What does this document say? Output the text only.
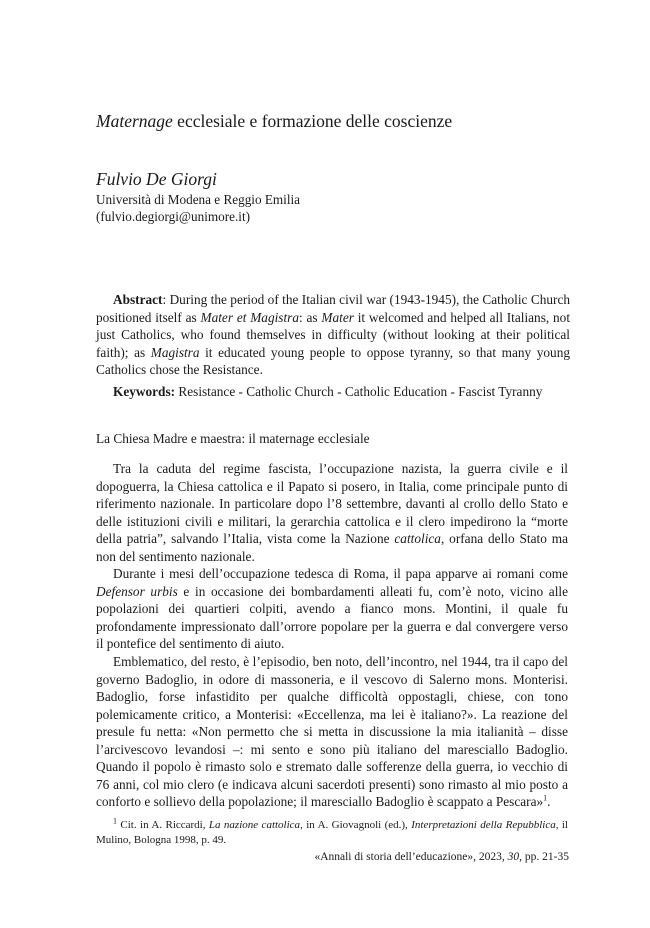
Maternage ecclesiale e formazione delle coscienze

Fulvio De Giorgi

Università di Modena e Reggio Emilia

(fulvio.degiorgi@unimore.it)

Abstract: During the period of the Italian civil war (1943-1945), the Catholic Church positioned itself as Mater et Magistra: as Mater it welcomed and helped all Italians, not just Catholics, who found themselves in difficulty (without looking at their political faith); as Magistra it educated young people to oppose tyranny, so that many young Catholics chose the Resistance.

Keywords: Resistance - Catholic Church - Catholic Education - Fascist Tyranny

La Chiesa Madre e maestra: il maternage ecclesiale

Tra la caduta del regime fascista, l’occupazione nazista, la guerra civile e il dopoguerra, la Chiesa cattolica e il Papato si posero, in Italia, come principale punto di riferimento nazionale. In particolare dopo l’8 settembre, davanti al crollo dello Stato e delle istituzioni civili e militari, la gerarchia cattolica e il clero impedirono la “morte della patria”, salvando l’Italia, vista come la Nazione cattolica, orfana dello Stato ma non del sentimento nazionale.

Durante i mesi dell’occupazione tedesca di Roma, il papa apparve ai romani come Defensor urbis e in occasione dei bombardamenti alleati fu, com’è noto, vicino alle popolazioni dei quartieri colpiti, avendo a fianco mons. Montini, il quale fu profondamente impressionato dall’orrore popolare per la guerra e dal convergere verso il pontefice del sentimento di aiuto.

Emblematico, del resto, è l’episodio, ben noto, dell’incontro, nel 1944, tra il capo del governo Badoglio, in odore di massoneria, e il vescovo di Salerno mons. Monterisi. Badoglio, forse infastidito per qualche difficoltà oppostagli, chiese, con tono polemicamente critico, a Monterisi: «Eccellenza, ma lei è italiano?». La reazione del presule fu netta: «Non permetto che si metta in discussione la mia italianità – disse l’arcivescovo levandosi –: mi sento e sono più italiano del maresciallo Badoglio. Quando il popolo è rimasto solo e stremato dalle sofferenze della guerra, io vecchio di 76 anni, col mio clero (e indicava alcuni sacerdoti presenti) sono rimasto al mio posto a conforto e sollievo della popolazione; il maresciallo Badoglio è scappato a Pescara»$^1$.

$^1$ Cit. in A. Riccardi, La nazione cattolica, in A. Giovagnoli (ed.), Interpretazioni della Repubblica, il Mulino, Bologna 1998, p. 49.

«Annali di storia dell’educazione», 2023, 30, pp. 21-35
